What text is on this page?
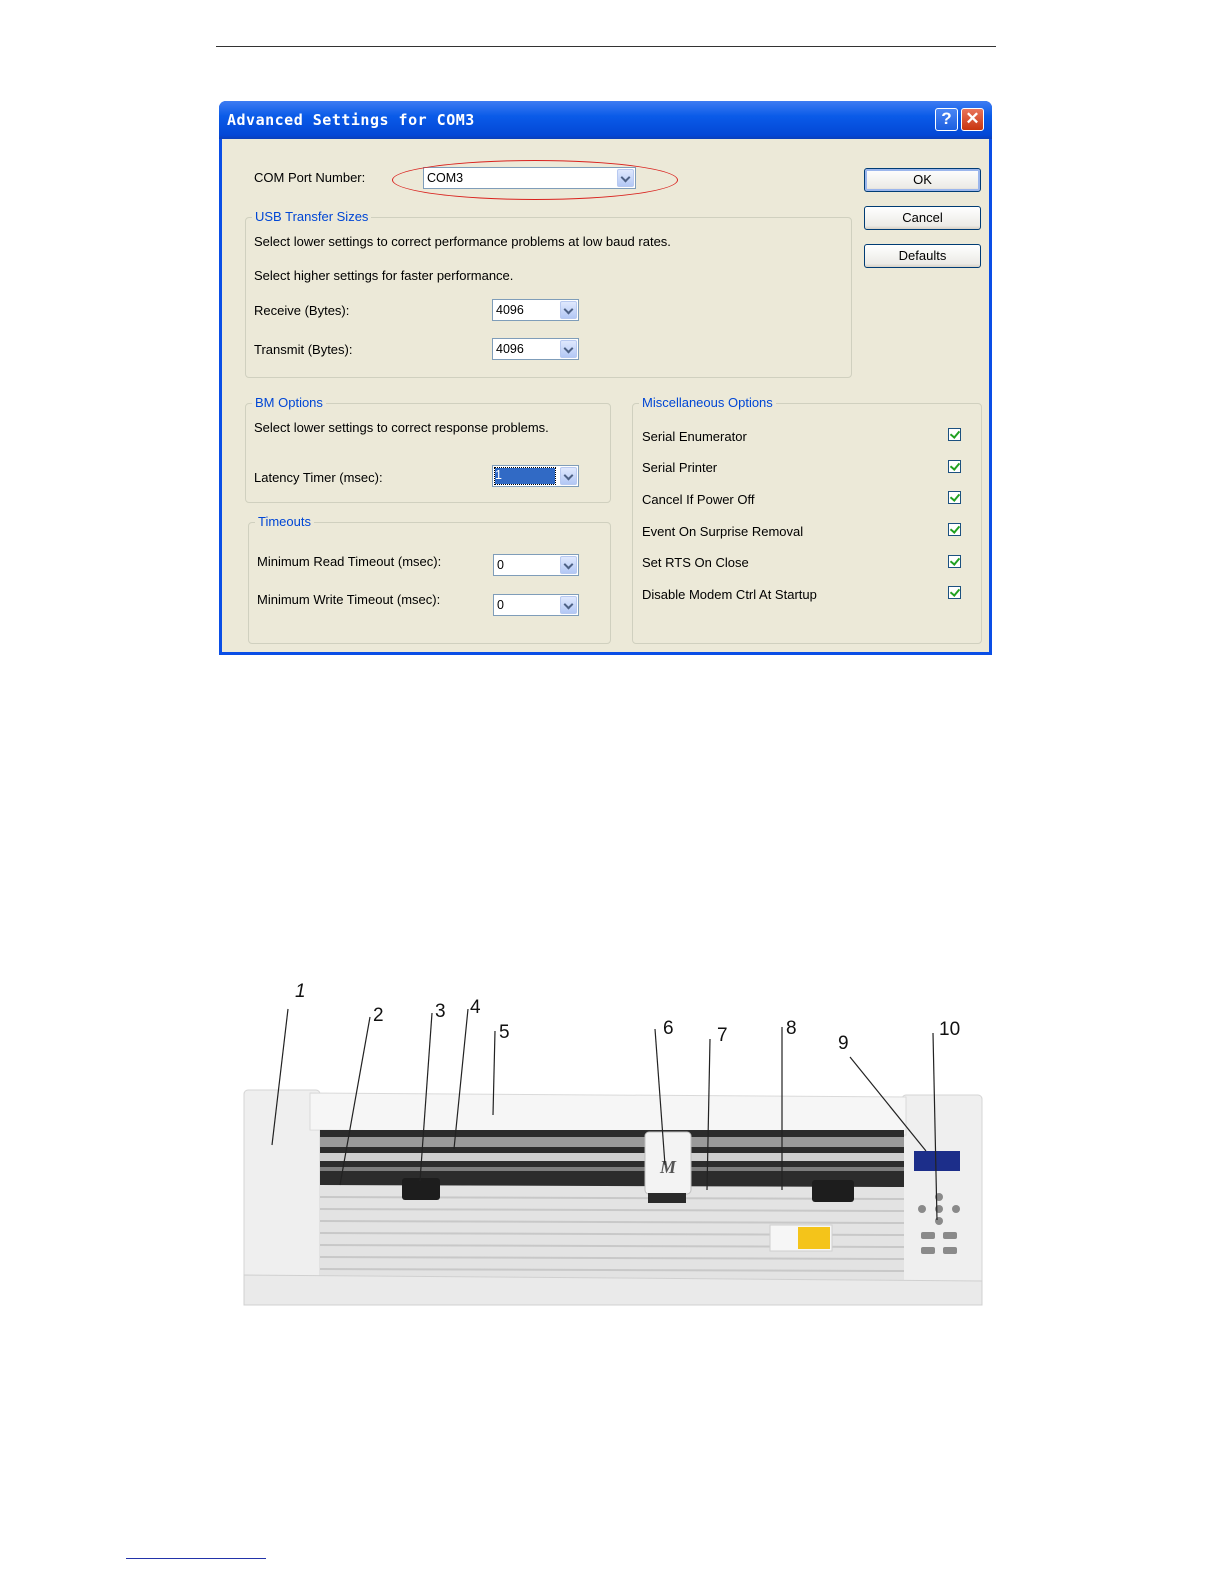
Advanced Settings for COM3	? ✕
COM Port Number:	COM3	OK
Cancel
Defaults
USB Transfer Sizes
Select lower settings to correct performance problems at low baud rates.
Select higher settings for faster performance.
Receive (Bytes):	4096
Transmit (Bytes):	4096
BM Options
Select lower settings to correct response problems.
Latency Timer (msec):	1
Timeouts
Minimum Read Timeout (msec):	0
Minimum Write Timeout (msec):	0
Miscellaneous Options
Serial Enumerator
Serial Printer
Cancel If Power Off
Event On Surprise Removal
Set RTS On Close
Disable Modem Ctrl At Startup
M
1
2	3 4
5	6 7	8
9
10
